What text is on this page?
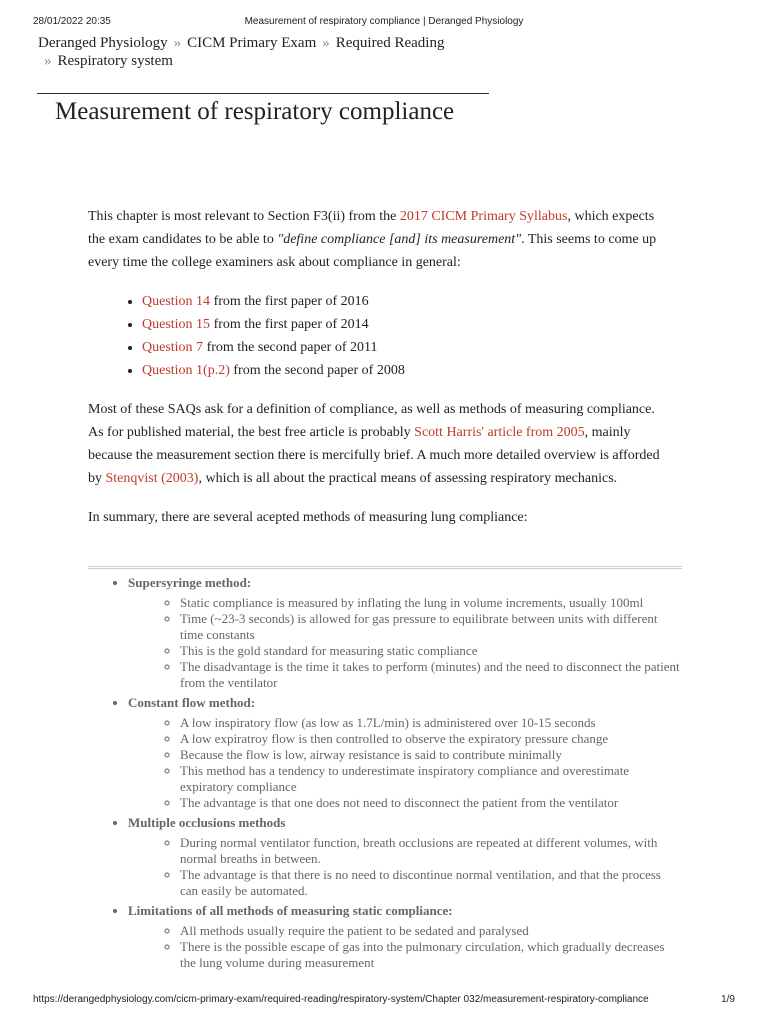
28/01/2022 20:35	Measurement of respiratory compliance | Deranged Physiology
Deranged Physiology » CICM Primary Exam » Required Reading
» Respiratory system
Measurement of respiratory compliance

This chapter is most relevant to Section F3(ii) from the 2017 CICM Primary Syllabus, which expects the exam candidates to be able to "define compliance [and] its measurement". This seems to come up every time the college examiners ask about compliance in general:

• Question 14 from the first paper of 2016
• Question 15 from the first paper of 2014
• Question 7 from the second paper of 2011
• Question 1(p.2) from the second paper of 2008

Most of these SAQs ask for a definition of compliance, as well as methods of measuring compliance. As for published material, the best free article is probably Scott Harris' article from 2005, mainly because the measurement section there is mercifully brief. A much more detailed overview is afforded by Stenqvist (2003), which is all about the practical means of assessing respiratory mechanics.

In summary, there are several acepted methods of measuring lung compliance:

• Supersyringe method:
◦ Static compliance is measured by inflating the lung in volume increments, usually 100ml
◦ Time (~23-3 seconds) is allowed for gas pressure to equilibrate between units with different time constants
◦ This is the gold standard for measuring static compliance
◦ The disadvantage is the time it takes to perform (minutes) and the need to disconnect the patient from the ventilator
• Constant flow method:
◦ A low inspiratory flow (as low as 1.7L/min) is administered over 10-15 seconds
◦ A low expiratroy flow is then controlled to observe the expiratory pressure change
◦ Because the flow is low, airway resistance is said to contribute minimally
◦ This method has a tendency to underestimate inspiratory compliance and overestimate expiratory compliance
◦ The advantage is that one does not need to disconnect the patient from the ventilator
• Multiple occlusions methods
◦ During normal ventilator function, breath occlusions are repeated at different volumes, with normal breaths in between.
◦ The advantage is that there is no need to discontinue normal ventilation, and that the process can easily be automated.
• Limitations of all methods of measuring static compliance:
◦ All methods usually require the patient to be sedated and paralysed
◦ There is the possible escape of gas into the pulmonary circulation, which gradually decreases the lung volume during measurement
https://derangedphysiology.com/cicm-primary-exam/required-reading/respiratory-system/Chapter 032/measurement-respiratory-compliance	1/9
